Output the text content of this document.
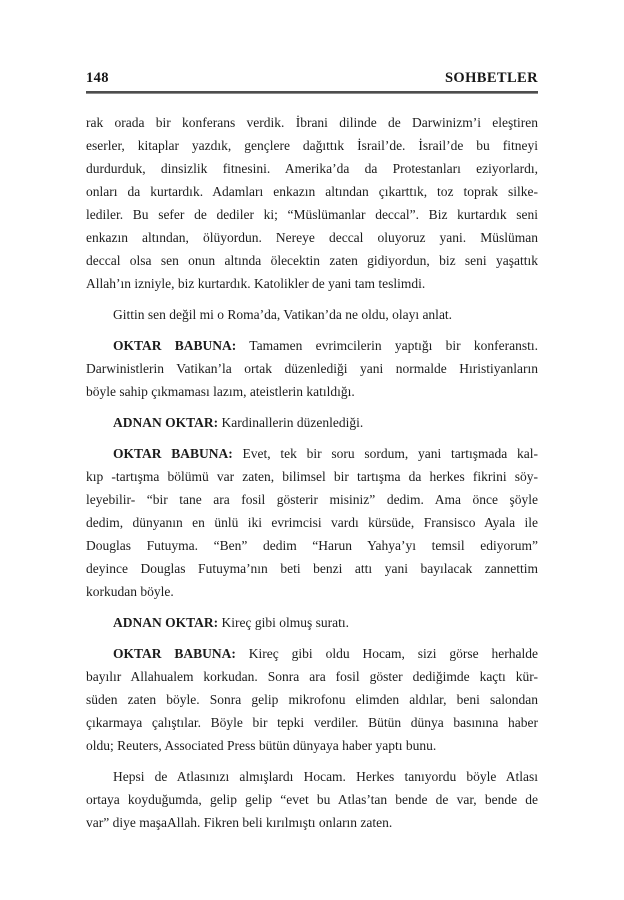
148	SOHBETLER
rak orada bir konferans verdik. İbrani dilinde de Darwinizm’i eleştiren
eserler, kitaplar yazdık, gençlere dağıttık İsrail’de. İsrail’de bu fitneyi
durdurduk, dinsizlik fitnesini. Amerika’da da Protestanları eziyorlardı,
onları da kurtardık. Adamları enkazın altından çıkarttık, toz toprak silke-
lediler. Bu sefer de dediler ki; “Müslümanlar deccal”. Biz kurtardık seni
enkazın altından, ölüyordun. Nereye deccal oluyoruz yani. Müslüman
deccal olsa sen onun altında ölecektin zaten gidiyordun, biz seni yaşattık
Allah’ın izniyle, biz kurtardık. Katolikler de yani tam teslimdi.
Gittin sen değil mi o Roma’da, Vatikan’da ne oldu, olayı anlat.
OKTAR BABUNA: Tamamen evrimcilerin yaptığı bir konferanstı.
Darwinistlerin Vatikan’la ortak düzenlediği yani normalde Hıristiyanların
böyle sahip çıkmaması lazım, ateistlerin katıldığı.
ADNAN OKTAR: Kardinallerin düzenlediği.
OKTAR BABUNA: Evet, tek bir soru sordum, yani tartışmada kal-
kıp -tartışma bölümü var zaten, bilimsel bir tartışma da herkes fikrini söy-
leyebilir- “bir tane ara fosil gösterir misiniz” dedim. Ama önce şöyle
dedim, dünyanın en ünlü iki evrimcisi vardı kürsüde, Fransisco Ayala ile
Douglas Futuyma. “Ben” dedim “Harun Yahya’yı temsil ediyorum”
deyince Douglas Futuyma’nın beti benzi attı yani bayılacak zannettim
korkudan böyle.
ADNAN OKTAR: Kireç gibi olmuş suratı.
OKTAR BABUNA: Kireç gibi oldu Hocam, sizi görse herhalde
bayılır Allahualem korkudan. Sonra ara fosil göster dediğimde kaçtı kür-
süden zaten böyle. Sonra gelip mikrofonu elimden aldılar, beni salondan
çıkarmaya çalıştılar. Böyle bir tepki verdiler. Bütün dünya basınına haber
oldu; Reuters, Associated Press bütün dünyaya haber yaptı bunu.
Hepsi de Atlasınızı almışlardı Hocam. Herkes tanıyordu böyle Atlası
ortaya koyduğumda, gelip gelip “evet bu Atlas’tan bende de var, bende de
var” diye maşaAllah. Fikren beli kırılmıştı onların zaten.
